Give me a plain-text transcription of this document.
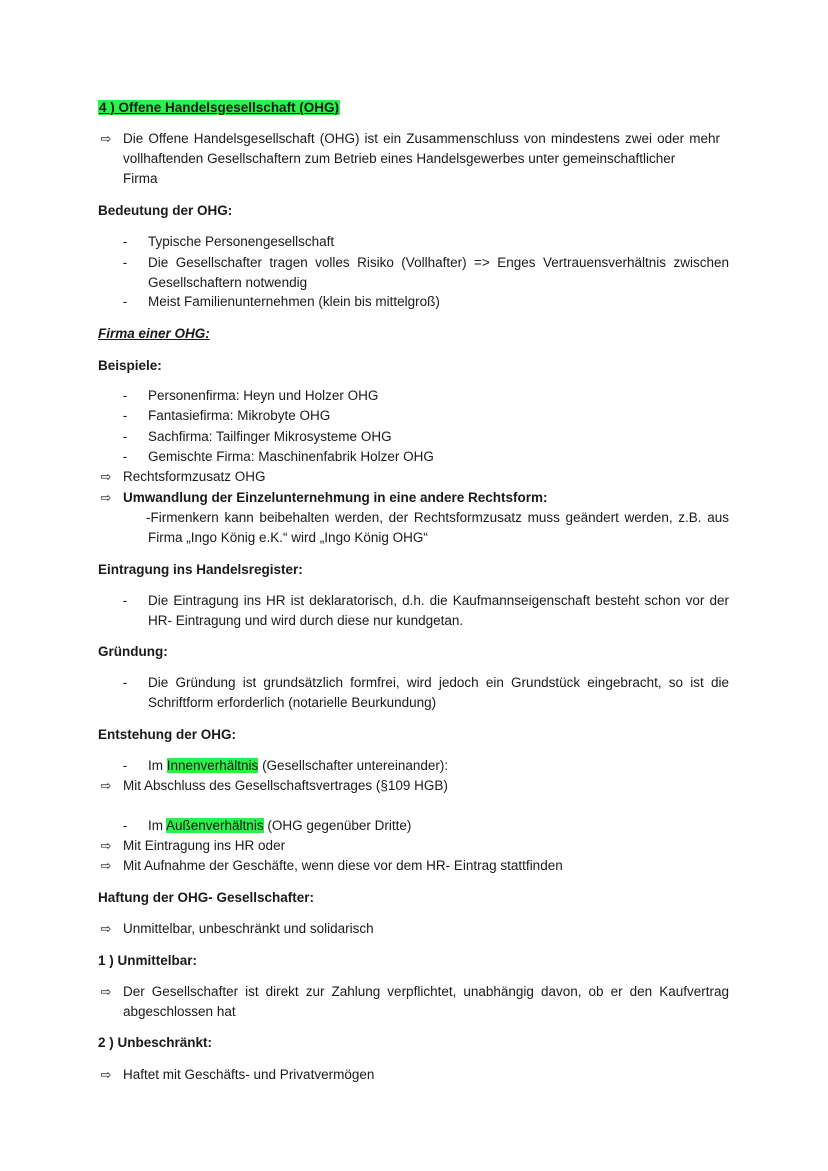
4 ) Offene Handelsgesellschaft (OHG)
⇨ Die Offene Handelsgesellschaft (OHG) ist ein Zusammenschluss von mindestens zwei oder mehr
vollhaftenden Gesellschaftern zum Betrieb eines Handelsgewerbes unter gemeinschaftlicher
Firma
Bedeutung der OHG:
- Typische Personengesellschaft
- Die Gesellschafter tragen volles Risiko (Vollhafter) => Enges Vertrauensverhältnis zwischen
Gesellschaftern notwendig
- Meist Familienunternehmen (klein bis mittelgroß)
Firma einer OHG:
Beispiele:
- Personenfirma: Heyn und Holzer OHG
- Fantasiefirma: Mikrobyte OHG
- Sachfirma: Tailfinger Mikrosysteme OHG
- Gemischte Firma: Maschinenfabrik Holzer OHG
⇨ Rechtsformzusatz OHG
⇨ Umwandlung der Einzelunternehmung in eine andere Rechtsform:
-Firmenkern kann beibehalten werden, der Rechtsformzusatz muss geändert werden, z.B. aus
Firma „Ingo König e.K.“ wird „Ingo König OHG“
Eintragung ins Handelsregister:
- Die Eintragung ins HR ist deklaratorisch, d.h. die Kaufmannseigenschaft besteht schon vor der
HR- Eintragung und wird durch diese nur kundgetan.
Gründung:
- Die Gründung ist grundsätzlich formfrei, wird jedoch ein Grundstück eingebracht, so ist die
Schriftform erforderlich (notarielle Beurkundung)
Entstehung der OHG:
- Im Innenverhältnis (Gesellschafter untereinander):
⇨ Mit Abschluss des Gesellschaftsvertrages (§109 HGB)
- Im Außenverhältnis (OHG gegenüber Dritte)
⇨ Mit Eintragung ins HR oder
⇨ Mit Aufnahme der Geschäfte, wenn diese vor dem HR- Eintrag stattfinden
Haftung der OHG- Gesellschafter:
⇨ Unmittelbar, unbeschränkt und solidarisch
1 ) Unmittelbar:
⇨ Der Gesellschafter ist direkt zur Zahlung verpflichtet, unabhängig davon, ob er den Kaufvertrag
abgeschlossen hat
2 ) Unbeschränkt:
⇨ Haftet mit Geschäfts- und Privatvermögen
